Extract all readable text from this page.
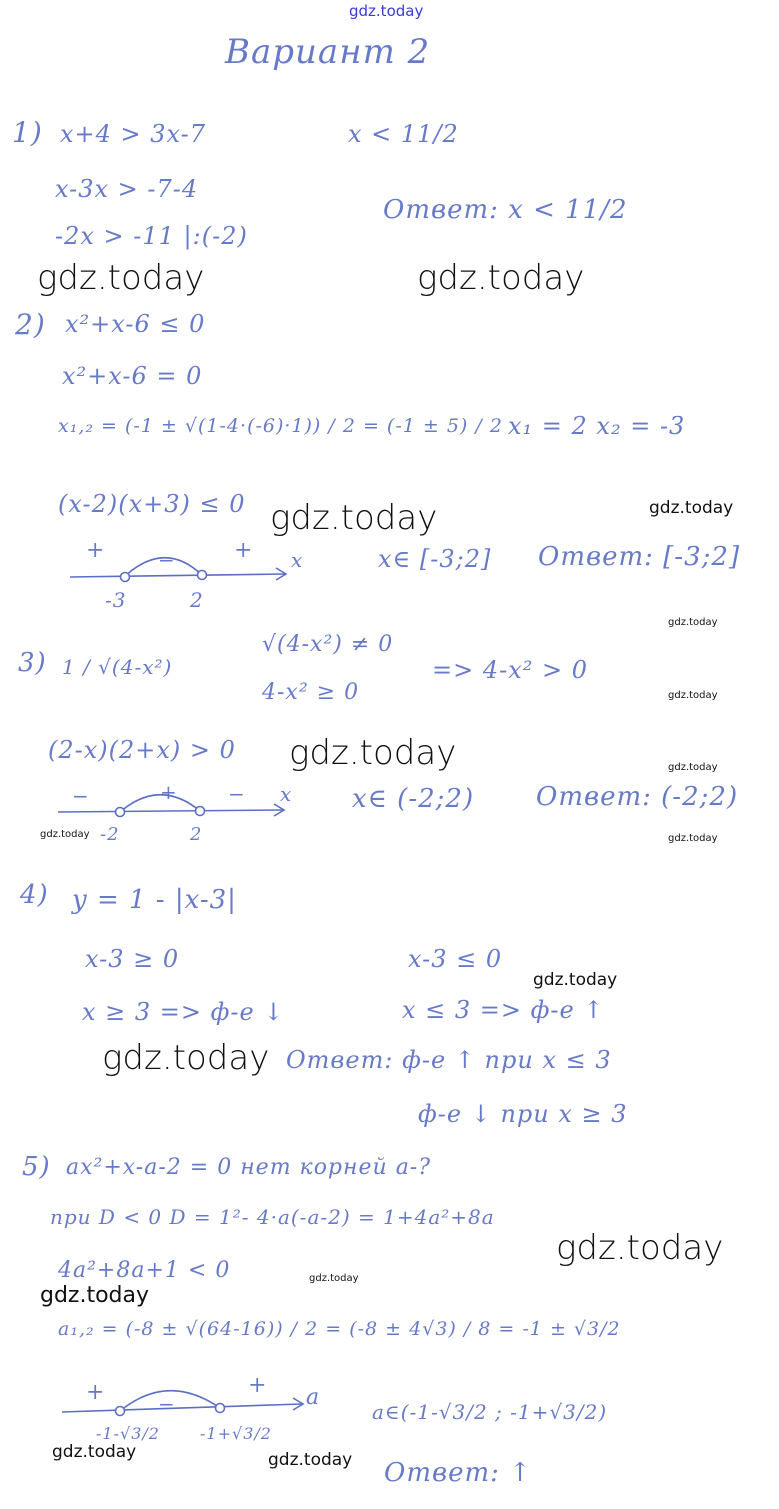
gdz.today
Вариант 2
1) x+4 > 3x-7	x < 11/2
x-3x > -7-4
-2x > -11 |:(-2)
Ответ: x < 11/2
gdz.today	gdz.today
2) x²+x-6 ≤ 0
x²+x-6 = 0
x₁,₂ = (-1 ± √(1-4·(-6)·1)) / 2 = (-1 ± 5) / 2 x₁ = 2 x₂ = -3
(x-2)(x+3) ≤ 0 gdz.today	gdz.today
+	−	+ x
-3	2
x∈ [-3;2] Ответ: [-3;2]
gdz.today
3) 1 / √(4-x²)
√(4-x²) ≠ 0
4-x² ≥ 0
=> 4-x² > 0
gdz.today
(2-x)(2+x) > 0 gdz.today	gdz.today
−	+	− x
gdz.today -2	2
x∈ (-2;2) Ответ: (-2;2)
gdz.today
4) y = 1 - |x-3|
x-3 ≥ 0	x-3 ≤ 0
gdz.today
x ≥ 3 => ф-е ↓	x ≤ 3 => ф-е ↑
gdz.today Ответ: ф-е ↑ при x ≤ 3
ф-е ↓ при x ≥ 3
5) ax²+x-a-2 = 0 нет корней a-?
при D < 0 D = 1²- 4·a(-a-2) = 1+4a²+8a
gdz.today
4a²+8a+1 < 0	gdz.today
gdz.today
a₁,₂ = (-8 ± √(64-16)) / 2 = (-8 ± 4√3) / 8 = -1 ± √3/2
+	−
+ a
-1-√3/2	-1+√3/2
gdz.today	gdz.today
a∈(-1-√3/2 ; -1+√3/2)
Ответ: ↑
